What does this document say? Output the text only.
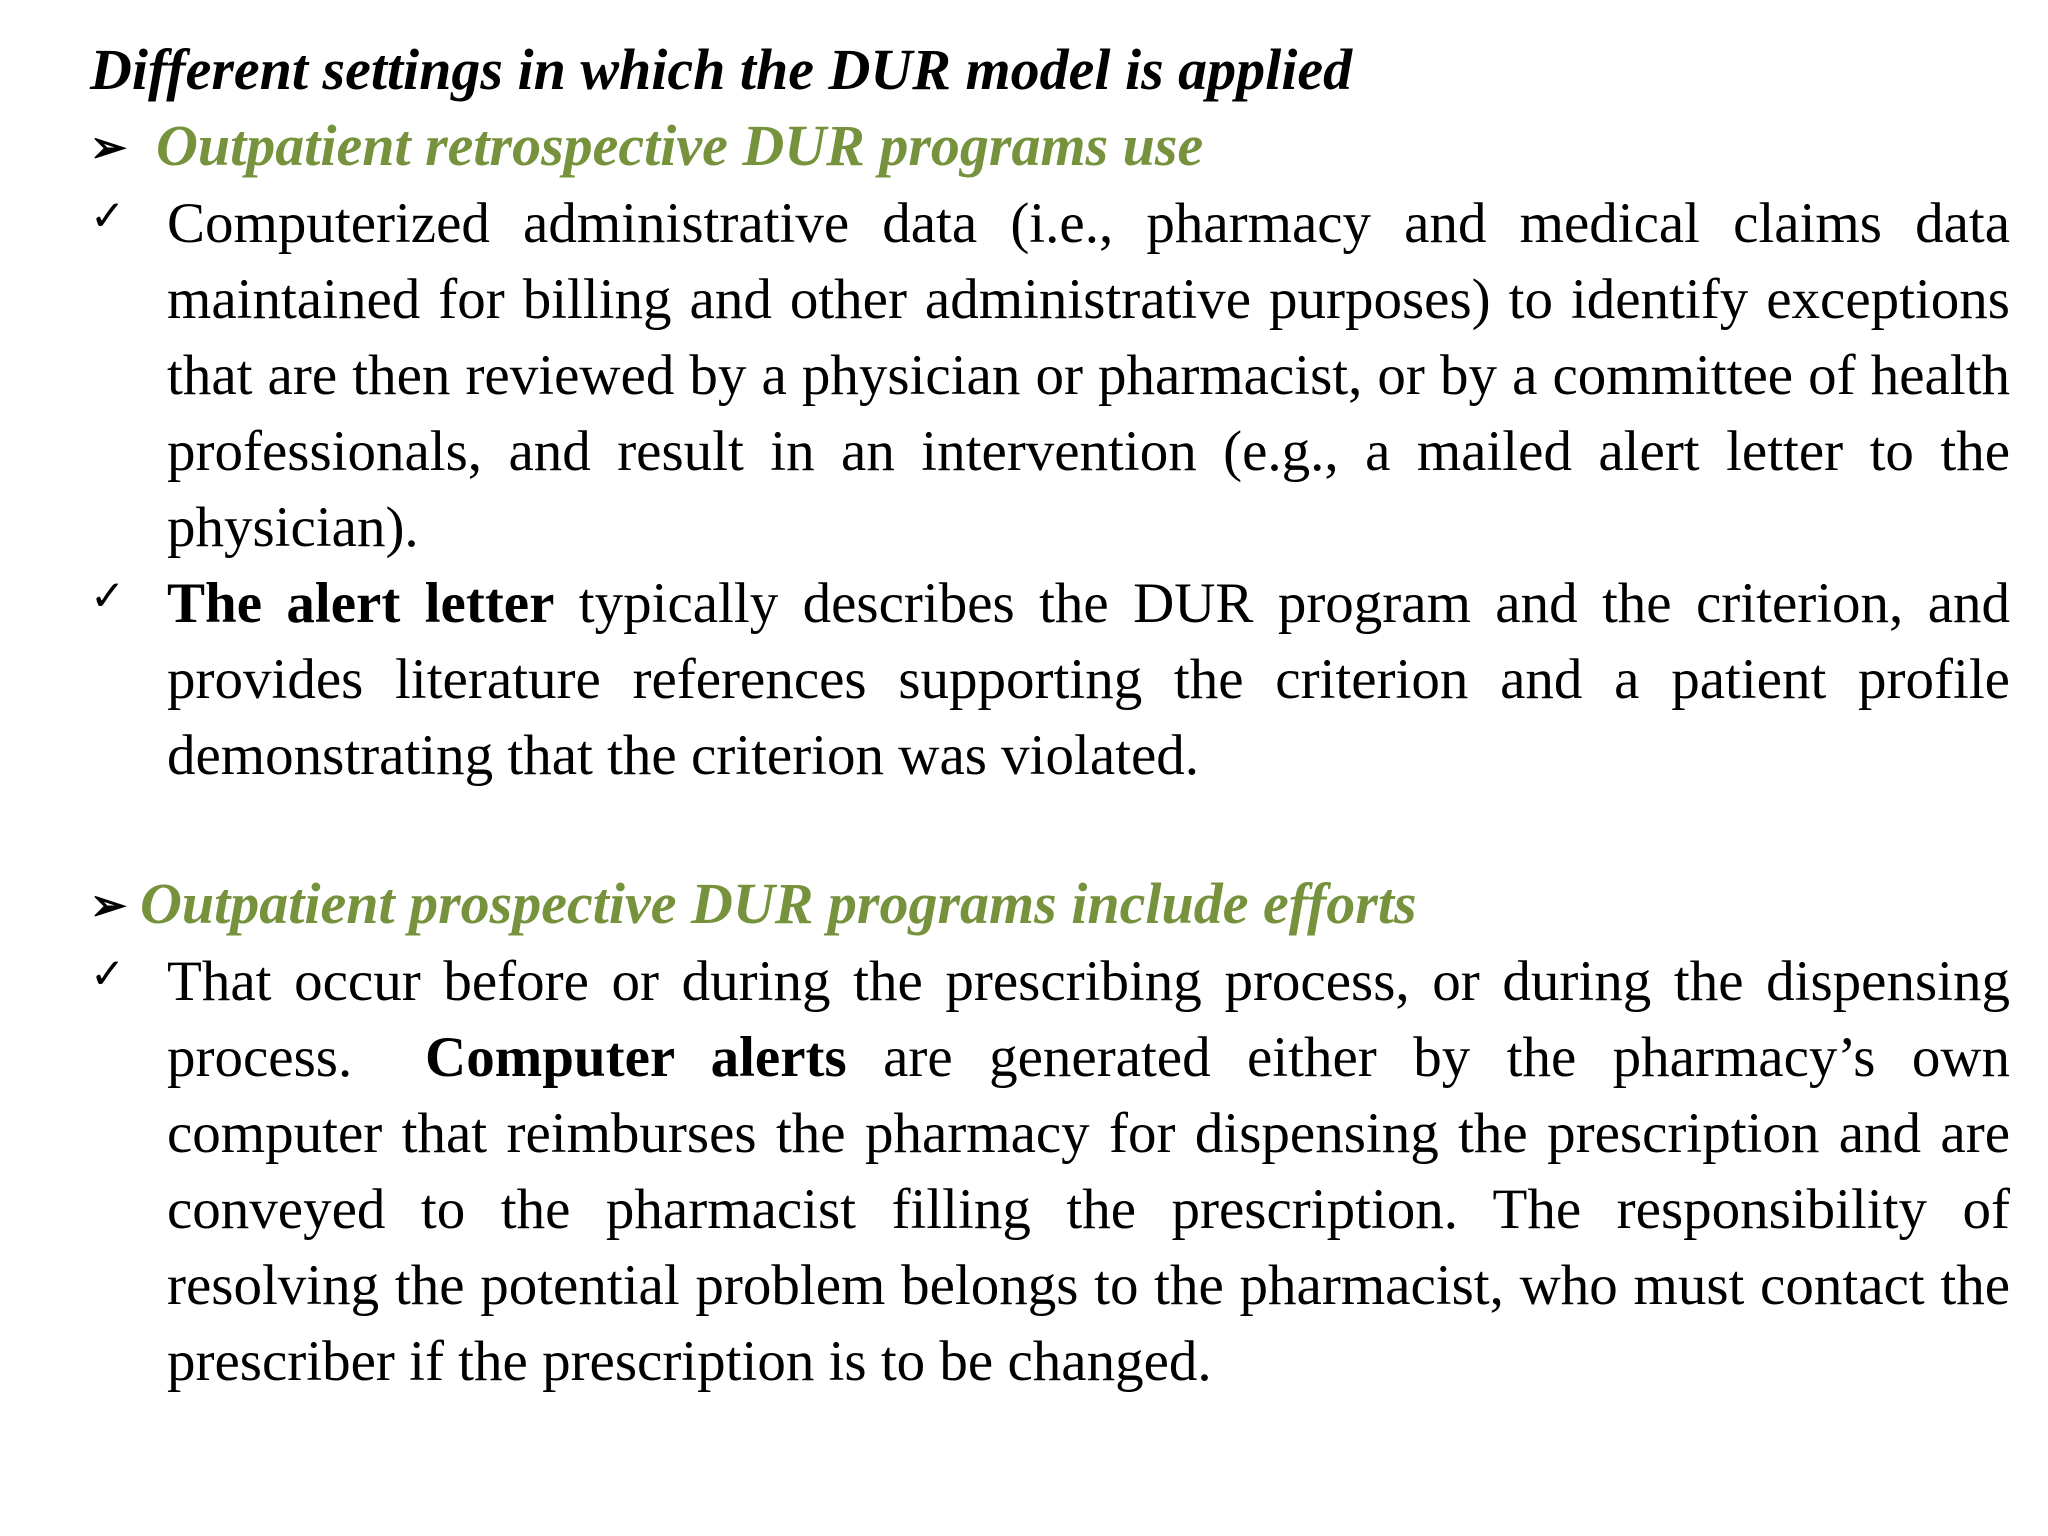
Different settings in which the DUR model is applied
➢ Outpatient retrospective DUR programs use
✓ Computerized administrative data (i.e., pharmacy and medical claims data maintained for billing and other administrative purposes) to identify exceptions that are then reviewed by a physician or pharmacist, or by a committee of health professionals, and result in an intervention (e.g., a mailed alert letter to the physician).
✓ The alert letter typically describes the DUR program and the criterion, and provides literature references supporting the criterion and a patient profile demonstrating that the criterion was violated.
➢ Outpatient prospective DUR programs include efforts
✓ That occur before or during the prescribing process, or during the dispensing process.  Computer alerts are generated either by the pharmacy’s own computer that reimburses the pharmacy for dispensing the prescription and are conveyed to the pharmacist filling the prescription. The responsibility of resolving the potential problem belongs to the pharmacist, who must contact the prescriber if the prescription is to be changed.
